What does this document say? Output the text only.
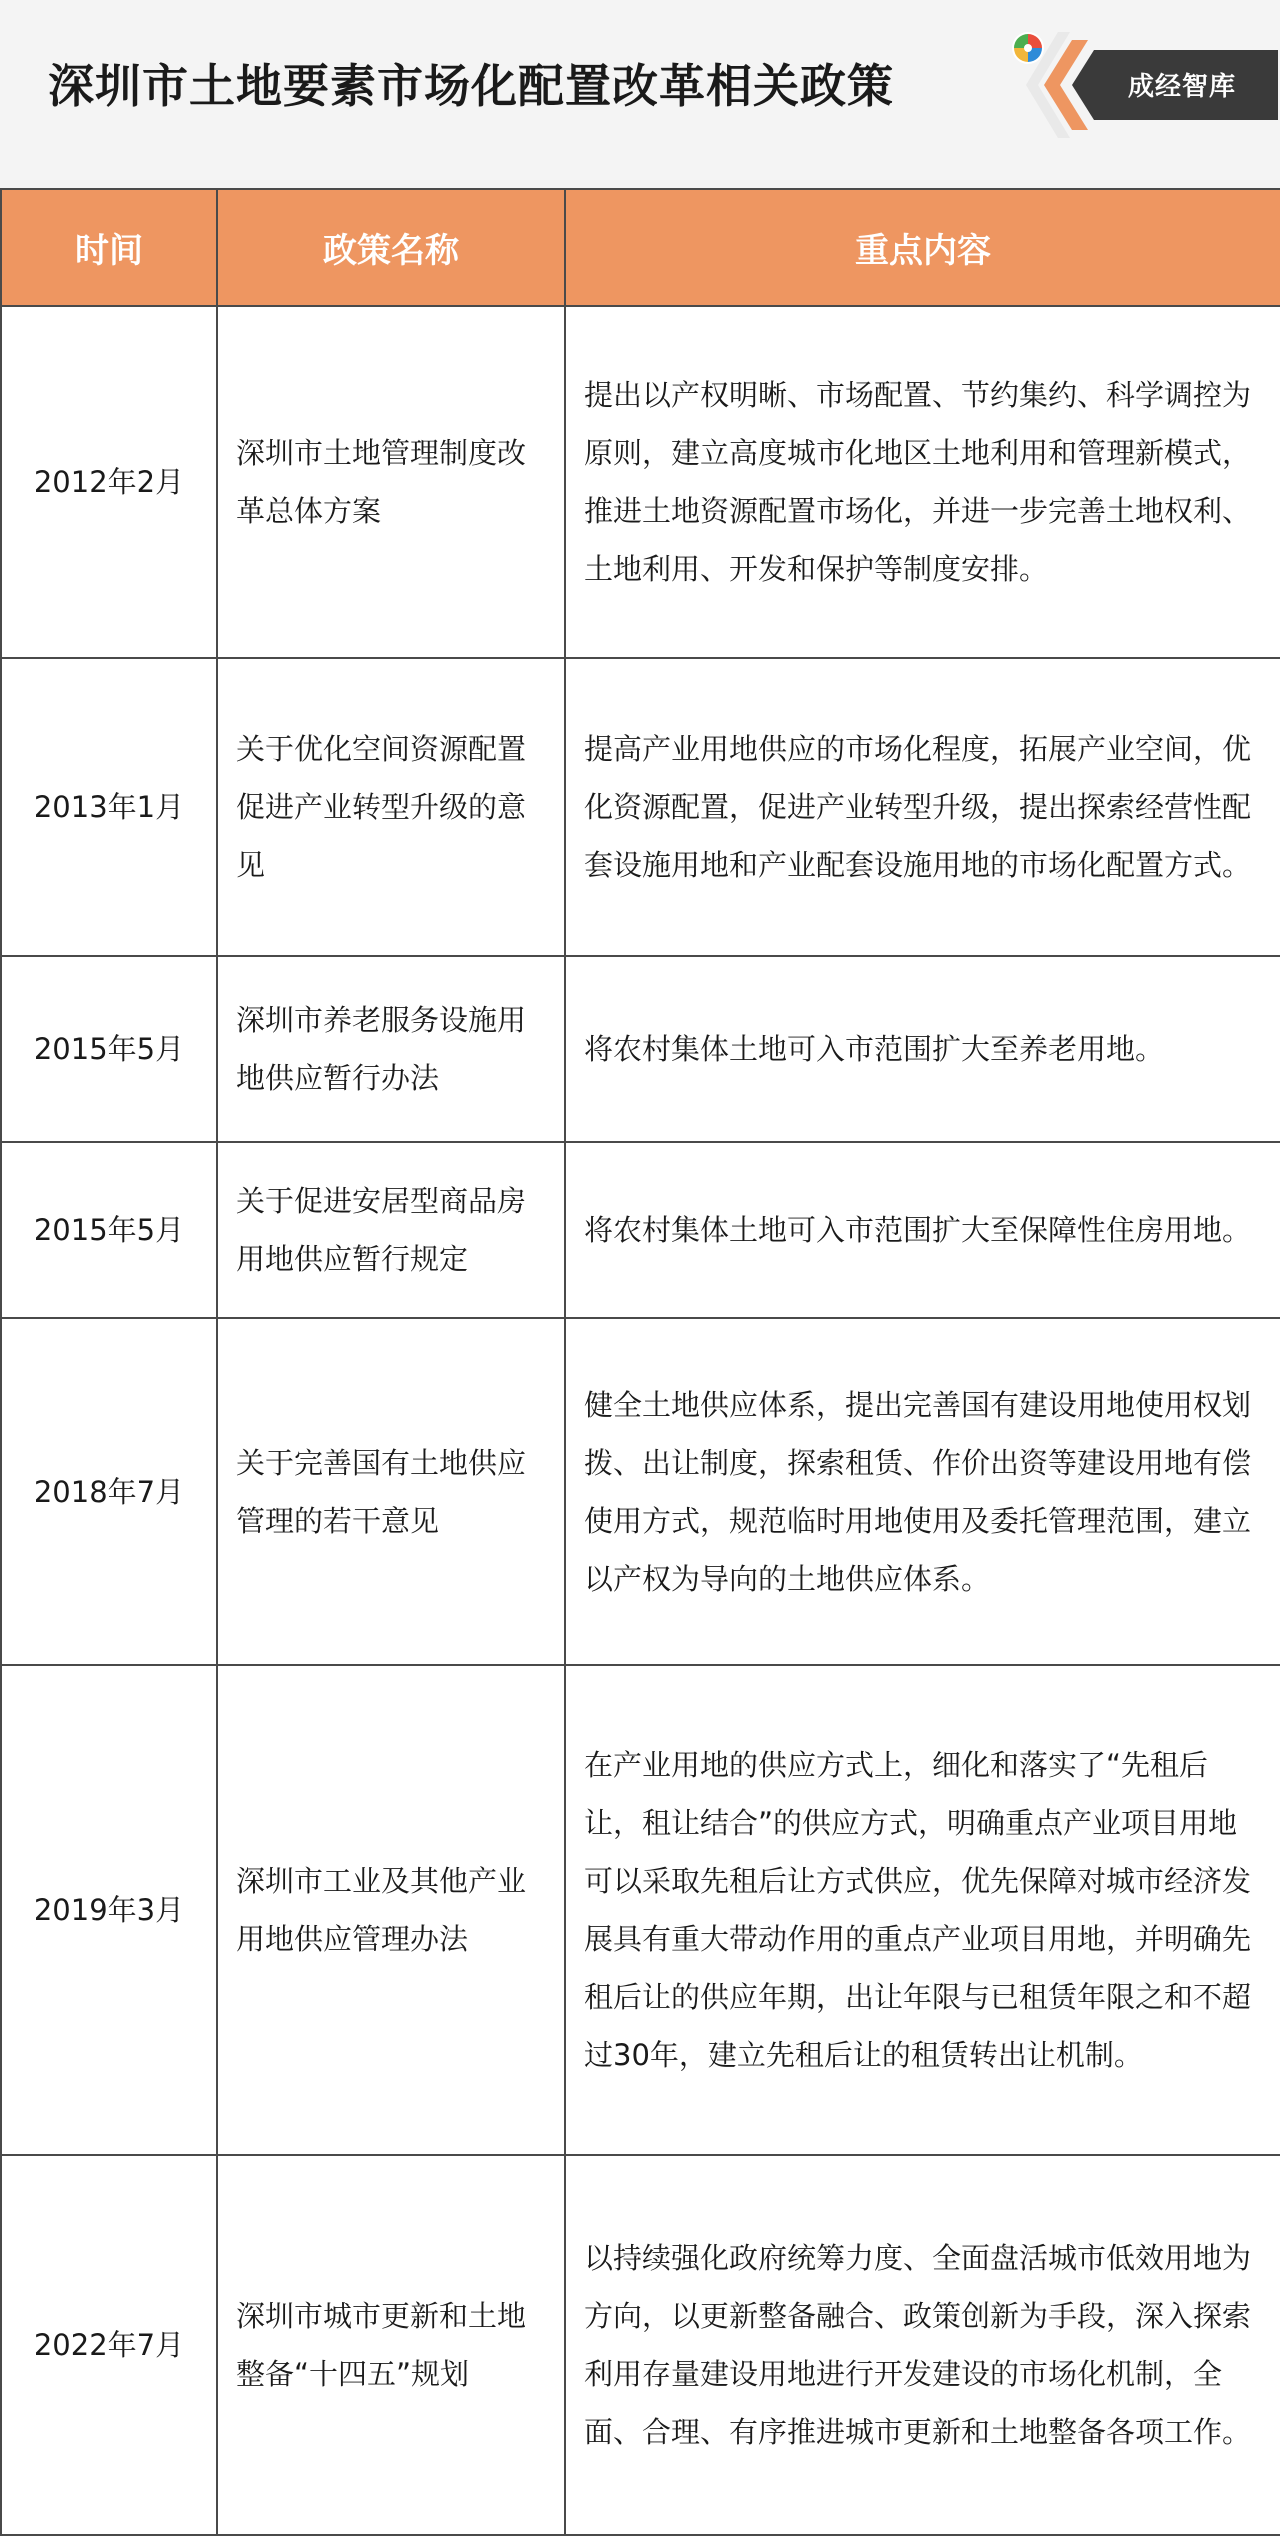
深圳市土地要素市场化配置改革相关政策	成经智库
时间	政策名称	重点内容
2012年2月	深圳市土地管理制度改革总体方案	提出以产权明晰、市场配置、节约集约、科学调控为原则，建立高度城市化地区土地利用和管理新模式，推进土地资源配置市场化，并进一步完善土地权利、土地利用、开发和保护等制度安排。
2013年1月	关于优化空间资源配置 促进产业转型升级的意见	提高产业用地供应的市场化程度，拓展产业空间，优化资源配置，促进产业转型升级，提出探索经营性配套设施用地和产业配套设施用地的市场化配置方式。
2015年5月	深圳市养老服务设施用地供应暂行办法	将农村集体土地可入市范围扩大至养老用地。
2015年5月	关于促进安居型商品房用地供应暂行规定	将农村集体土地可入市范围扩大至保障性住房用地。
2018年7月	关于完善国有土地供应管理的若干意见	健全土地供应体系，提出完善国有建设用地使用权划拨、出让制度，探索租赁、作价出资等建设用地有偿使用方式，规范临时用地使用及委托管理范围，建立以产权为导向的土地供应体系。
2019年3月	深圳市工业及其他产业用地供应管理办法	在产业用地的供应方式上，细化和落实了“先租后让，租让结合”的供应方式，明确重点产业项目用地可以采取先租后让方式供应，优先保障对城市经济发展具有重大带动作用的重点产业项目用地，并明确先租后让的供应年期，出让年限与已租赁年限之和不超过30年，建立先租后让的租赁转出让机制。
2022年7月	深圳市城市更新和土地整备“十四五”规划	以持续强化政府统筹力度、全面盘活城市低效用地为方向，以更新整备融合、政策创新为手段，深入探索利用存量建设用地进行开发建设的市场化机制，全面、合理、有序推进城市更新和土地整备各项工作。
